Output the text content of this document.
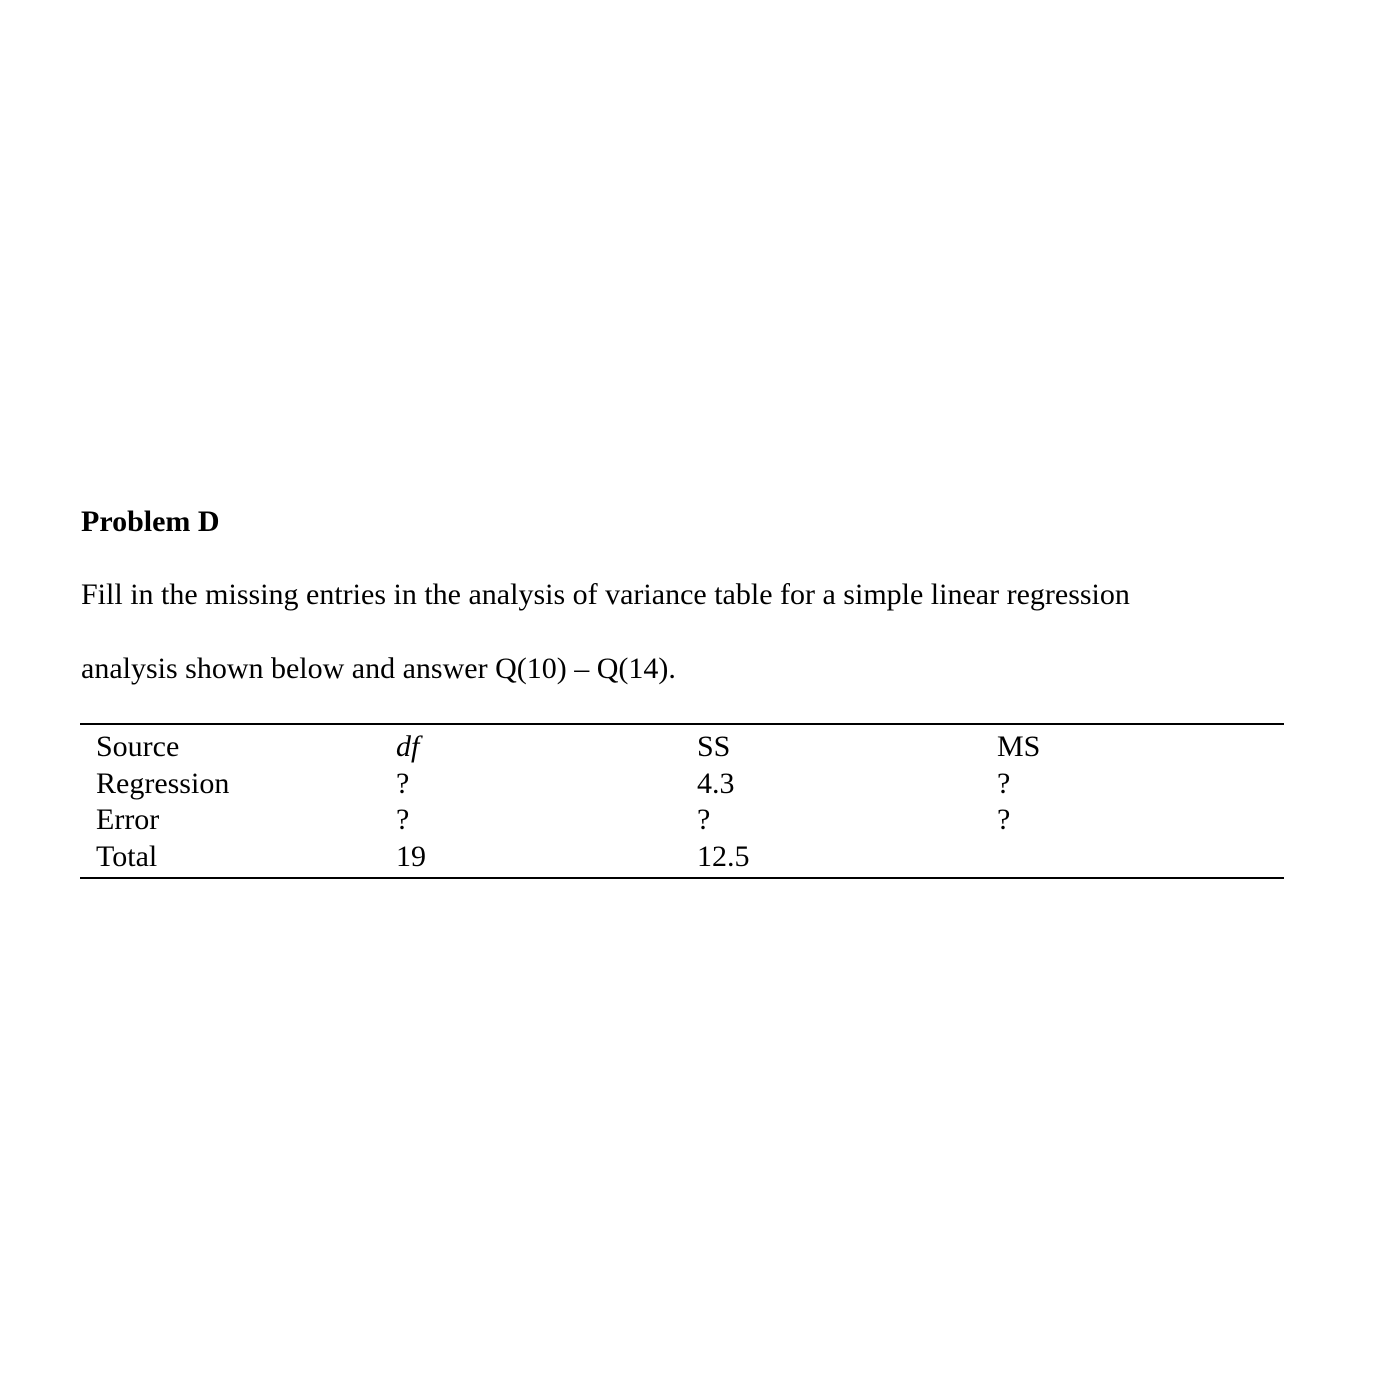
Problem D
Fill in the missing entries in the analysis of variance table for a simple linear regression
analysis shown below and answer Q(10) – Q(14).
Source	df	SS	MS
Regression	?	4.3	?
Error	?	?	?
Total	19	12.5
